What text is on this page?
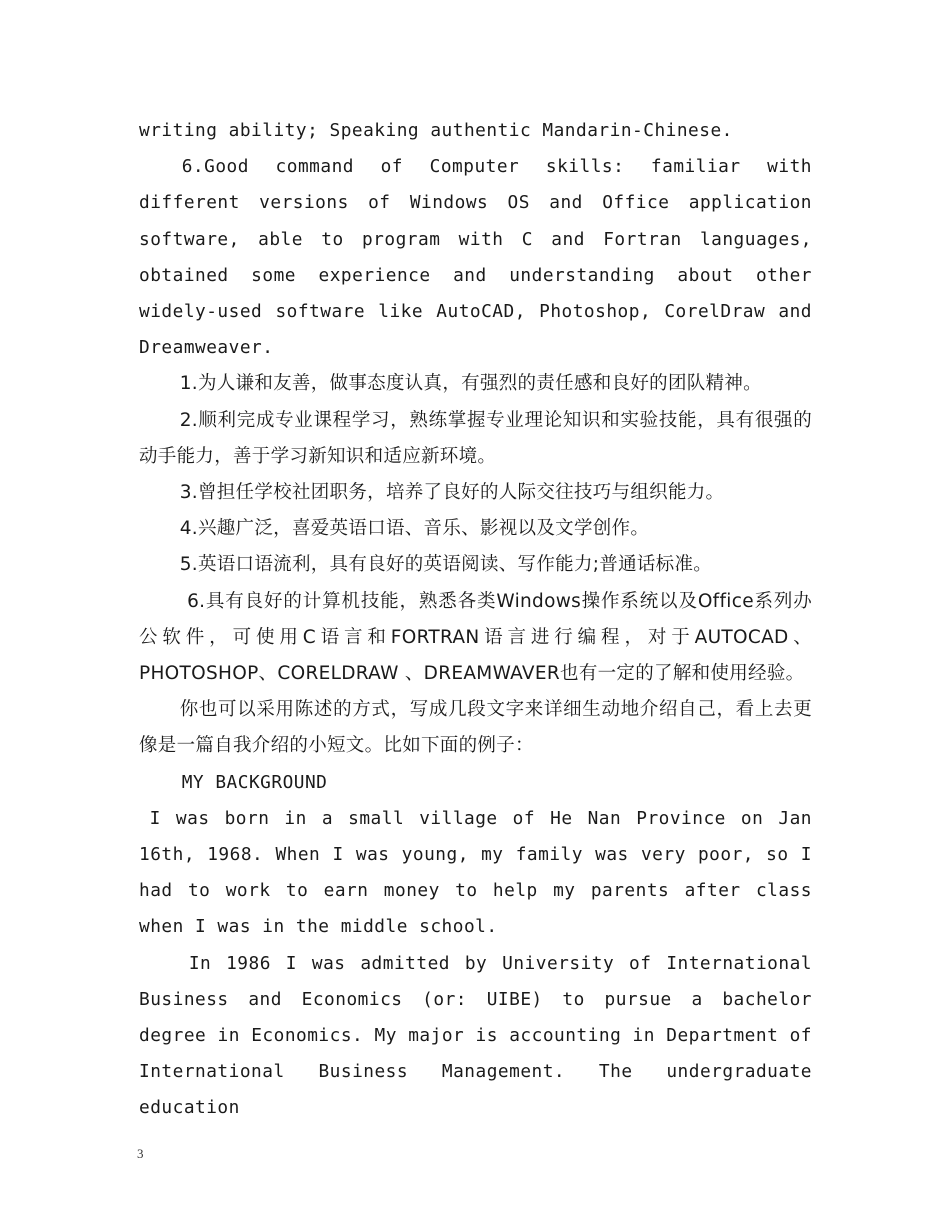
writing ability; Speaking authentic Mandarin-Chinese.

6.Good command of Computer skills: familiar with different versions of Windows OS and Office application software, able to program with C and Fortran languages, obtained some experience and understanding about other widely-used software like AutoCAD, Photoshop, CorelDraw and Dreamweaver.

1.为人谦和友善，做事态度认真，有强烈的责任感和良好的团队精神。

2.顺利完成专业课程学习，熟练掌握专业理论知识和实验技能，具有很强的动手能力，善于学习新知识和适应新环境。

3.曾担任学校社团职务，培养了良好的人际交往技巧与组织能力。

4.兴趣广泛，喜爱英语口语、音乐、影视以及文学创作。

5.英语口语流利，具有良好的英语阅读、写作能力;普通话标准。

6.具有良好的计算机技能，熟悉各类Windows操作系统以及Office系列办公软件，可使用C语言和FORTRAN语言进行编程，对于AUTOCAD、PHOTOSHOP、CORELDRAW 、DREAMWAVER也有一定的了解和使用经验。

你也可以采用陈述的方式，写成几段文字来详细生动地介绍自己，看上去更像是一篇自我介绍的小短文。比如下面的例子：

MY BACKGROUND

I was born in a small village of He Nan Province on Jan 16th, 1968. When I was young, my family was very poor, so I had to work to earn money to help my parents after class when I was in the middle school.

In 1986 I was admitted by University of International Business and Economics (or: UIBE) to pursue a bachelor degree in Economics. My major is accounting in Department of International Business Management. The undergraduate education

3
